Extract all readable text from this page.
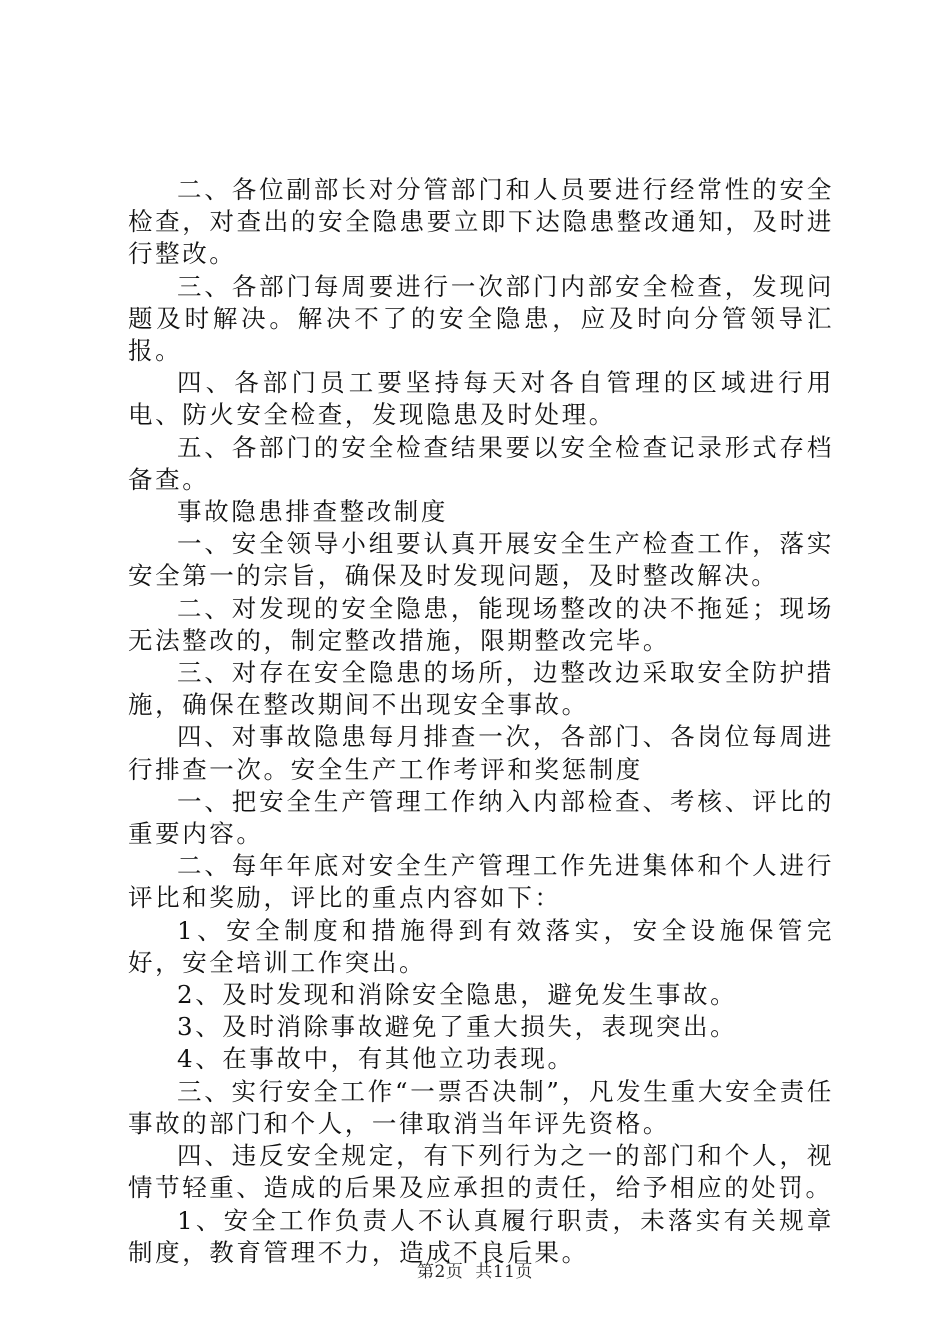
二、各位副部长对分管部门和人员要进行经常性的安全检查，对查出的安全隐患要立即下达隐患整改通知，及时进行整改。

三、各部门每周要进行一次部门内部安全检查，发现问题及时解决。解决不了的安全隐患，应及时向分管领导汇报。

四、各部门员工要坚持每天对各自管理的区域进行用电、防火安全检查，发现隐患及时处理。

五、各部门的安全检查结果要以安全检查记录形式存档备查。

事故隐患排查整改制度

一、安全领导小组要认真开展安全生产检查工作，落实安全第一的宗旨，确保及时发现问题，及时整改解决。

二、对发现的安全隐患，能现场整改的决不拖延；现场无法整改的，制定整改措施，限期整改完毕。

三、对存在安全隐患的场所，边整改边采取安全防护措施，确保在整改期间不出现安全事故。

四、对事故隐患每月排查一次，各部门、各岗位每周进行排查一次。安全生产工作考评和奖惩制度

一、把安全生产管理工作纳入内部检查、考核、评比的重要内容。

二、每年年底对安全生产管理工作先进集体和个人进行评比和奖励，评比的重点内容如下：

1、安全制度和措施得到有效落实，安全设施保管完好，安全培训工作突出。

2、及时发现和消除安全隐患，避免发生事故。

3、及时消除事故避免了重大损失，表现突出。

4、在事故中，有其他立功表现。

三、实行安全工作“一票否决制”，凡发生重大安全责任事故的部门和个人，一律取消当年评先资格。

四、违反安全规定，有下列行为之一的部门和个人，视情节轻重、造成的后果及应承担的责任，给予相应的处罚。

1、安全工作负责人不认真履行职责，未落实有关规章制度，教育管理不力，造成不良后果。

第2页 共11页
